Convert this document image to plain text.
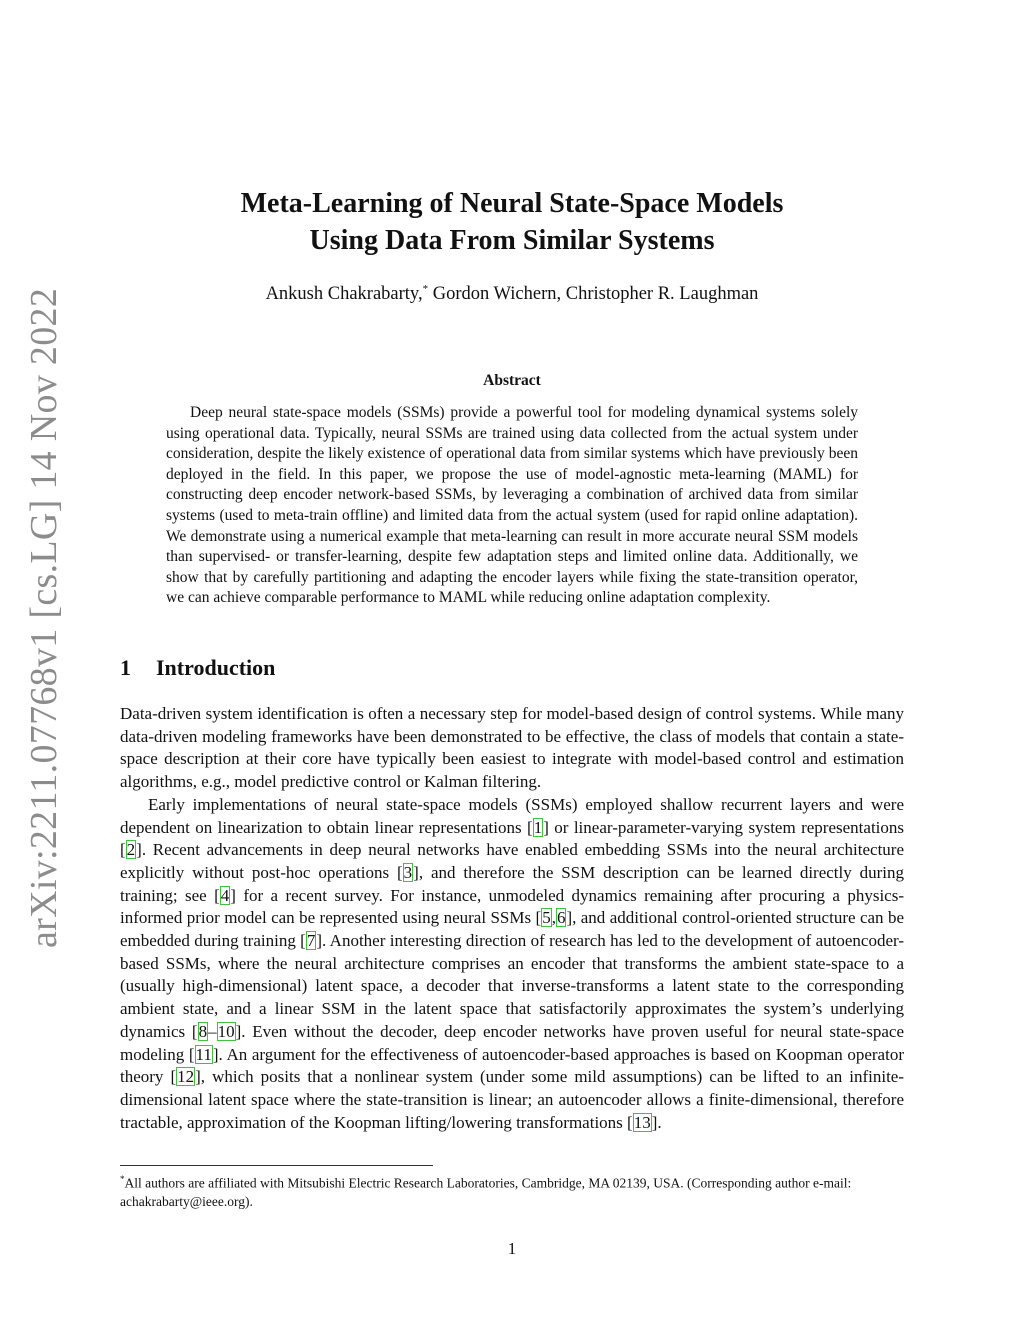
arXiv:2211.07768v1 [cs.LG] 14 Nov 2022
Meta-Learning of Neural State-Space Models
Using Data From Similar Systems
Ankush Chakrabarty,* Gordon Wichern, Christopher R. Laughman
Abstract

Deep neural state-space models (SSMs) provide a powerful tool for modeling dynamical systems solely using operational data. Typically, neural SSMs are trained using data collected from the actual system under consideration, despite the likely existence of operational data from similar systems which have previously been deployed in the field. In this paper, we propose the use of model-agnostic meta-learning (MAML) for constructing deep encoder network-based SSMs, by leveraging a combination of archived data from similar systems (used to meta-train offline) and limited data from the actual system (used for rapid online adaptation). We demonstrate using a numerical example that meta-learning can result in more accurate neural SSM models than supervised- or transfer-learning, despite few adaptation steps and limited online data. Additionally, we show that by carefully partitioning and adapting the encoder layers while fixing the state-transition operator, we can achieve comparable performance to MAML while reducing online adaptation complexity.

1 Introduction

Data-driven system identification is often a necessary step for model-based design of control systems. While many data-driven modeling frameworks have been demonstrated to be effective, the class of models that contain a state-space description at their core have typically been easiest to integrate with model-based control and estimation algorithms, e.g., model predictive control or Kalman filtering.

Early implementations of neural state-space models (SSMs) employed shallow recurrent layers and were dependent on linearization to obtain linear representations [1] or linear-parameter-varying system representations [2]. Recent advancements in deep neural networks have enabled embedding SSMs into the neural architecture explicitly without post-hoc operations [3], and therefore the SSM description can be learned directly during training; see [4] for a recent survey. For instance, unmodeled dynamics remaining after procuring a physics-informed prior model can be represented using neural SSMs [5,6], and additional control-oriented structure can be embedded during training [7]. Another interesting direction of research has led to the development of autoencoder-based SSMs, where the neural architecture comprises an encoder that transforms the ambient state-space to a (usually high-dimensional) latent space, a decoder that inverse-transforms a latent state to the corresponding ambient state, and a linear SSM in the latent space that satisfactorily approximates the system’s underlying dynamics [8–10]. Even without the decoder, deep encoder networks have proven useful for neural state-space modeling [11]. An argument for the effectiveness of autoencoder-based approaches is based on Koopman operator theory [12], which posits that a nonlinear system (under some mild assumptions) can be lifted to an infinite-dimensional latent space where the state-transition is linear; an autoencoder allows a finite-dimensional, therefore tractable, approximation of the Koopman lifting/lowering transformations [13].

*All authors are affiliated with Mitsubishi Electric Research Laboratories, Cambridge, MA 02139, USA. (Corresponding author e-mail: achakrabarty@ieee.org).
1
